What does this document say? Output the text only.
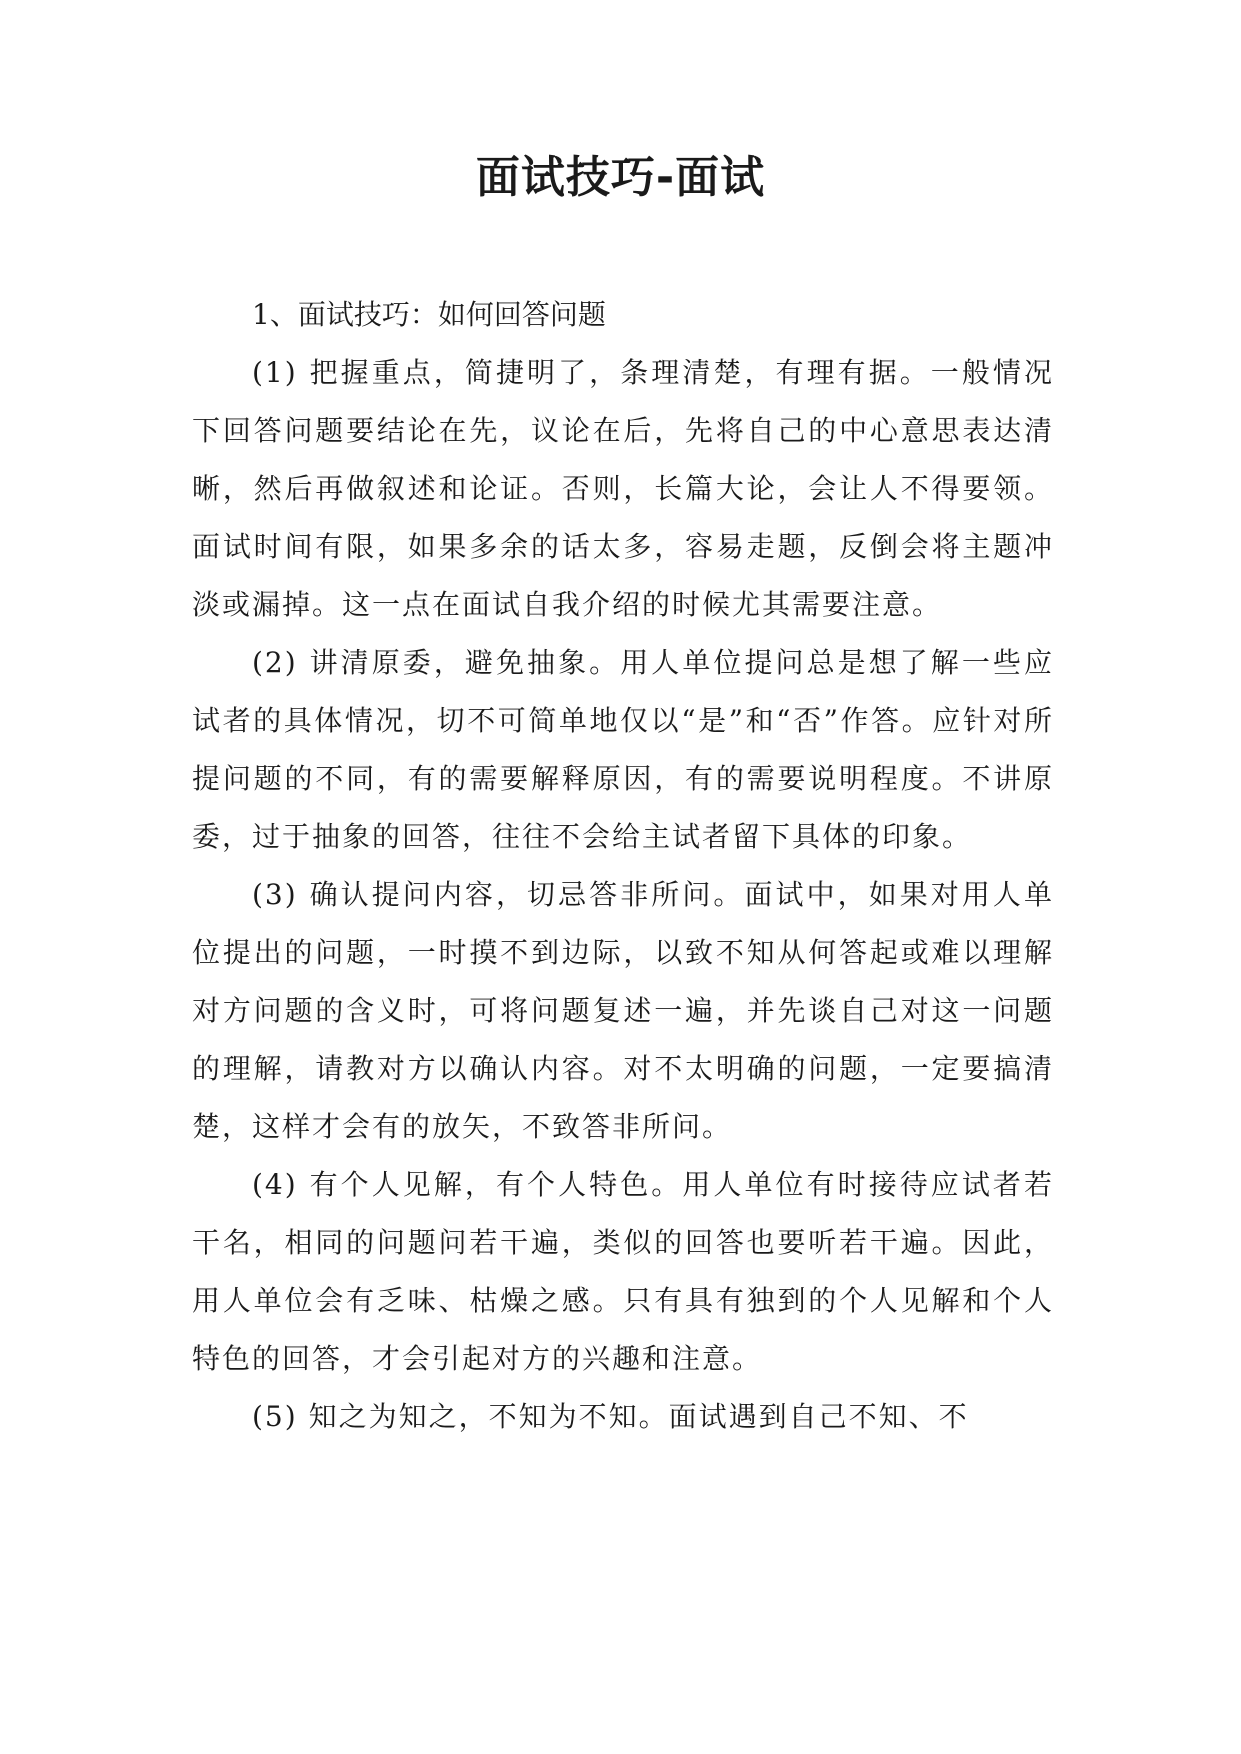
面试技巧-面试

1、面试技巧：如何回答问题

(1) 把握重点，简捷明了，条理清楚，有理有据。一般情况下回答问题要结论在先，议论在后，先将自己的中心意思表达清晰，然后再做叙述和论证。否则，长篇大论，会让人不得要领。面试时间有限，如果多余的话太多，容易走题，反倒会将主题冲淡或漏掉。这一点在面试自我介绍的时候尤其需要注意。

(2) 讲清原委，避免抽象。用人单位提问总是想了解一些应试者的具体情况，切不可简单地仅以“是”和“否”作答。应针对所提问题的不同，有的需要解释原因，有的需要说明程度。不讲原委，过于抽象的回答，往往不会给主试者留下具体的印象。

(3) 确认提问内容，切忌答非所问。面试中，如果对用人单位提出的问题，一时摸不到边际，以致不知从何答起或难以理解对方问题的含义时，可将问题复述一遍，并先谈自己对这一问题的理解，请教对方以确认内容。对不太明确的问题，一定要搞清楚，这样才会有的放矢，不致答非所问。

(4) 有个人见解，有个人特色。用人单位有时接待应试者若干名，相同的问题问若干遍，类似的回答也要听若干遍。因此，用人单位会有乏味、枯燥之感。只有具有独到的个人见解和个人特色的回答，才会引起对方的兴趣和注意。

(5) 知之为知之，不知为不知。面试遇到自己不知、不
